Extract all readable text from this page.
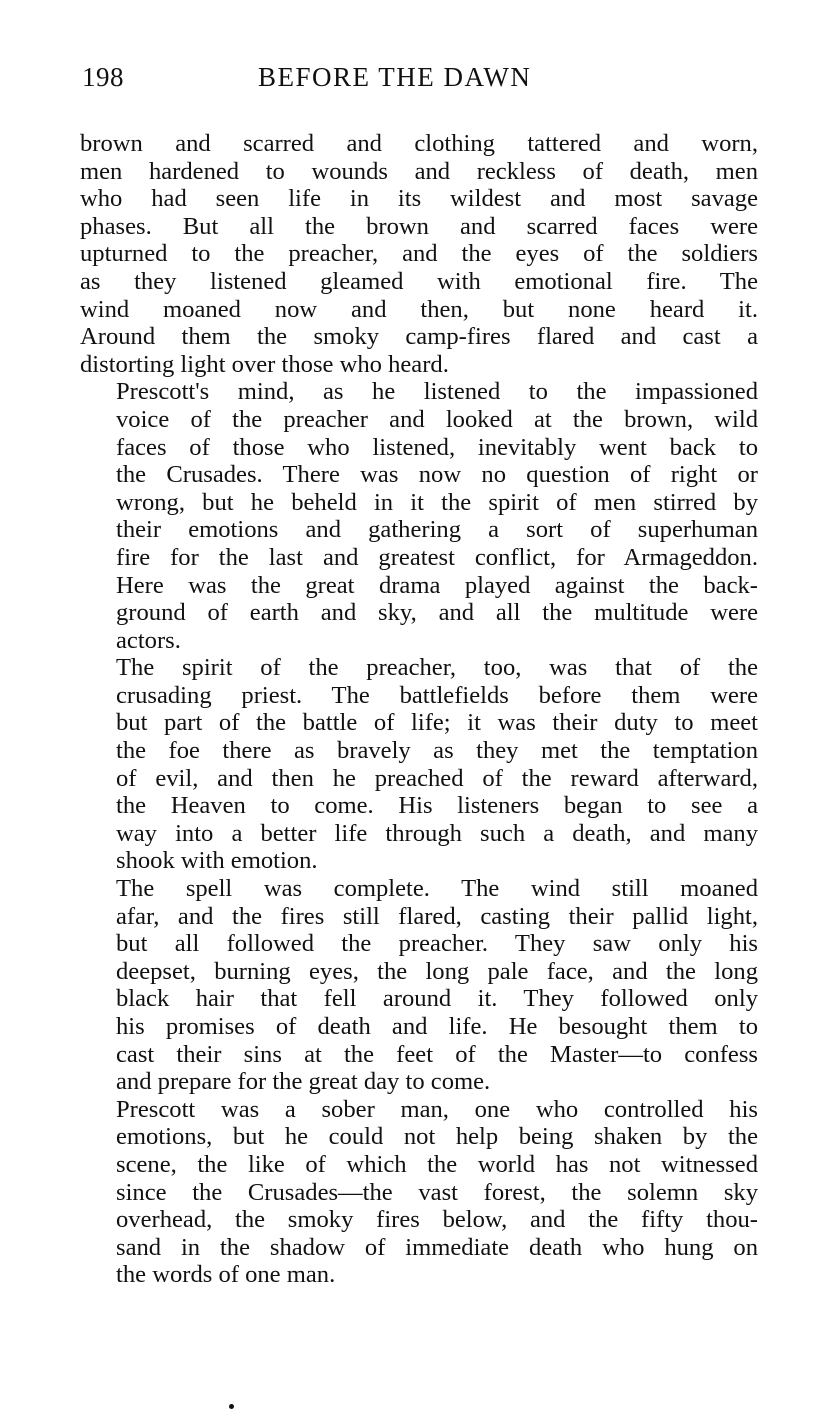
198	BEFORE THE DAWN

brown and scarred and clothing tattered and worn,
men hardened to wounds and reckless of death, men
who had seen life in its wildest and most savage
phases. But all the brown and scarred faces were
upturned to the preacher, and the eyes of the soldiers
as they listened gleamed with emotional fire. The
wind moaned now and then, but none heard it.
Around them the smoky camp-fires flared and cast a
distorting light over those who heard.

Prescott's mind, as he listened to the impassioned
voice of the preacher and looked at the brown, wild
faces of those who listened, inevitably went back to
the Crusades. There was now no question of right or
wrong, but he beheld in it the spirit of men stirred by
their emotions and gathering a sort of superhuman
fire for the last and greatest conflict, for Armageddon.
Here was the great drama played against the back-
ground of earth and sky, and all the multitude were
actors.

The spirit of the preacher, too, was that of the
crusading priest. The battlefields before them were
but part of the battle of life; it was their duty to meet
the foe there as bravely as they met the temptation
of evil, and then he preached of the reward afterward,
the Heaven to come. His listeners began to see a
way into a better life through such a death, and many
shook with emotion.

The spell was complete. The wind still moaned
afar, and the fires still flared, casting their pallid light,
but all followed the preacher. They saw only his
deepset, burning eyes, the long pale face, and the long
black hair that fell around it. They followed only
his promises of death and life. He besought them to
cast their sins at the feet of the Master—to confess
and prepare for the great day to come.

Prescott was a sober man, one who controlled his
emotions, but he could not help being shaken by the
scene, the like of which the world has not witnessed
since the Crusades—the vast forest, the solemn sky
overhead, the smoky fires below, and the fifty thou-
sand in the shadow of immediate death who hung on
the words of one man.
